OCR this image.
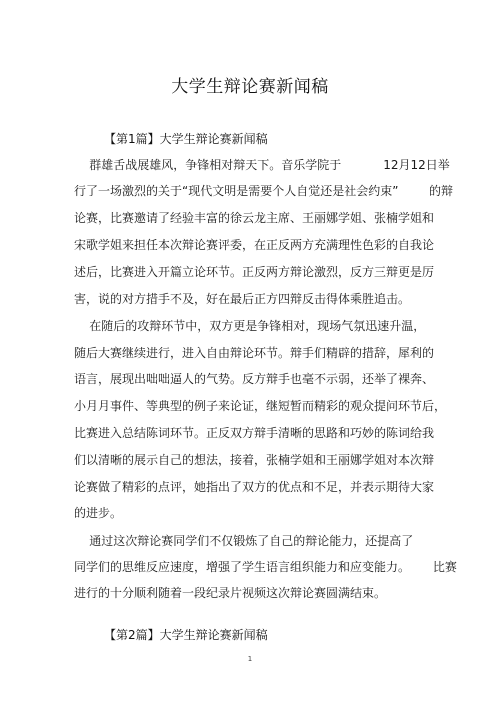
大学生辩论赛新闻稿
【第1篇】大学生辩论赛新闻稿
群雄舌战展雄风，争锋相对辩天下。音乐学院于           12月12日举
行了一场激烈的关于“现代文明是需要个人自觉还是社会约束”        的辩
论赛，比赛邀请了经验丰富的徐云龙主席、王丽娜学姐、张楠学姐和
宋歌学姐来担任本次辩论赛评委，在正反两方充满理性色彩的自我论
述后，比赛进入开篇立论环节。正反两方辩论激烈，反方三辩更是厉
害，说的对方措手不及，好在最后正方四辩反击得体乘胜追击。
在随后的攻辩环节中，双方更是争锋相对，现场气氛迅速升温，
随后大赛继续进行，进入自由辩论环节。辩手们精辟的措辞，犀利的
语言，展现出咄咄逼人的气势。反方辩手也毫不示弱，还举了裸奔、
小月月事件、等典型的例子来论证，继短暂而精彩的观众提问环节后，
比赛进入总结陈词环节。正反双方辩手清晰的思路和巧妙的陈词给我
们以清晰的展示自己的想法，接着，张楠学姐和王丽娜学姐对本次辩
论赛做了精彩的点评，她指出了双方的优点和不足，并表示期待大家
的进步。
通过这次辩论赛同学们不仅锻炼了自己的辩论能力，还提高了
同学们的思维反应速度，增强了学生语言组织能力和应变能力。      比赛
进行的十分顺利随着一段纪录片视频这次辩论赛圆满结束。
【第2篇】大学生辩论赛新闻稿
1
